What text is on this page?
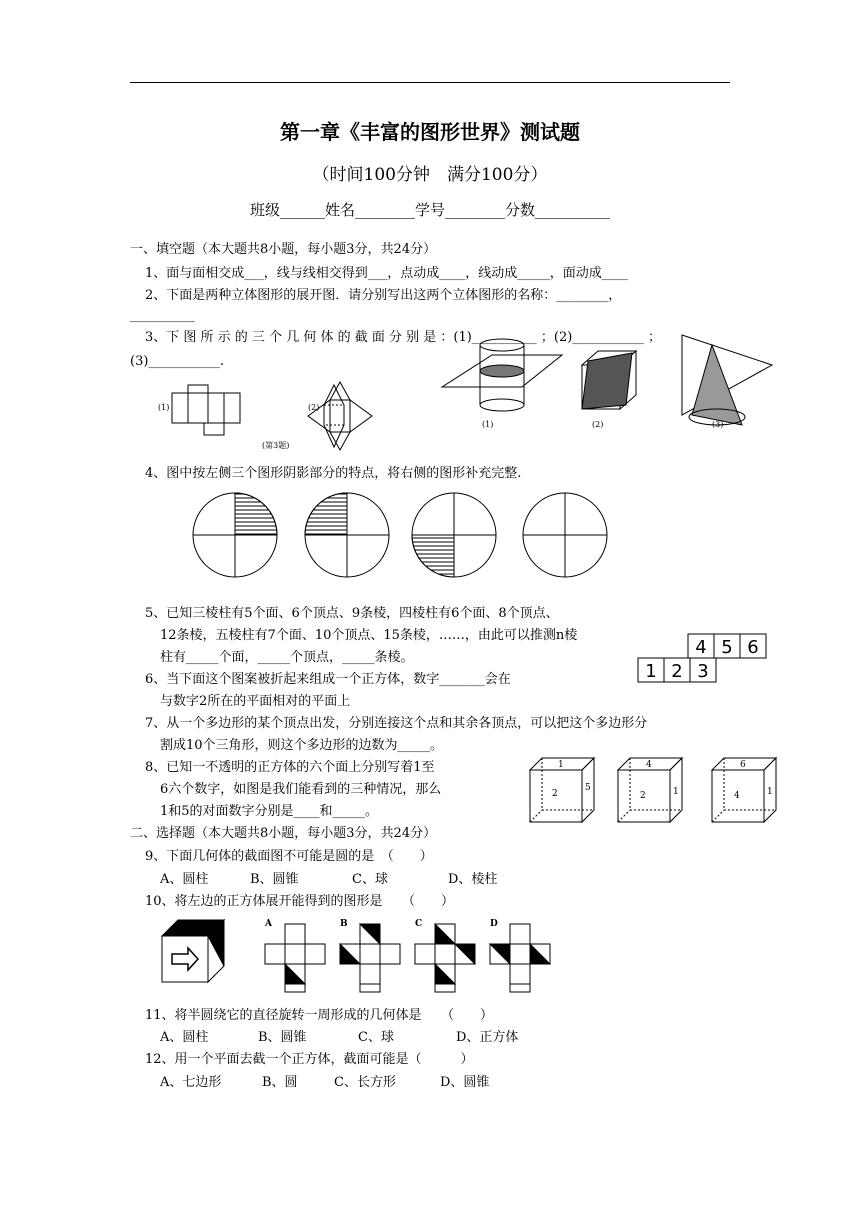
第一章《丰富的图形世界》测试题
（时间100分钟　满分100分）
班级______姓名________学号________分数__________
一、填空题（本大题共8小题，每小题3分，共24分）
1、面与面相交成___，线与线相交得到___，点动成____，线动成_____，面动成____
2、下面是两种立体图形的展开图．请分别写出这两个立体图形的名称：________，
__________
3、下 图 所 示 的 三 个 几 何 体 的 截 面 分 别 是 ：(1)__________ ；(2)___________ ；
(3)___________.
(1)	(2)
(第3题)
(1)	(2)	(3)
4、图中按左侧三个图形阴影部分的特点，将右侧的图形补充完整.
5、已知三棱柱有5个面、6个顶点、9条棱，四棱柱有6个面、8个顶点、
12条棱，五棱柱有7个面、10个顶点、15条棱，……，由此可以推测n棱
柱有_____个面，_____个顶点，_____条棱。
6、当下面这个图案被折起来组成一个正方体，数字_______会在
与数字2所在的平面相对的平面上
4 5 6
1 2 3
7、从一个多边形的某个顶点出发，分别连接这个点和其余各顶点，可以把这个多边形分
割成10个三角形，则这个多边形的边数为_____。
8、已知一不透明的正方体的六个面上分别写着1至
6六个数字，如图是我们能看到的三种情况，那么
1和5的对面数字分别是____和_____。
1
2
5
4
2	1
6
4	1
二、选择题（本大题共8小题，每小题3分，共24分）
9、下面几何体的截面图不可能是圆的是　（　　）
A、圆柱	B、圆锥	C、球	D、棱柱
10、将左边的正方体展开能得到的图形是　　（　　）
A	B	C	D
11、将半圆绕它的直径旋转一周形成的几何体是　　（　　）
A、圆柱	B、圆锥	C、球	D、正方体
12、用一个平面去截一个正方体，截面可能是（　　　）
A、七边形	B、圆	C、长方形	D、圆锥
